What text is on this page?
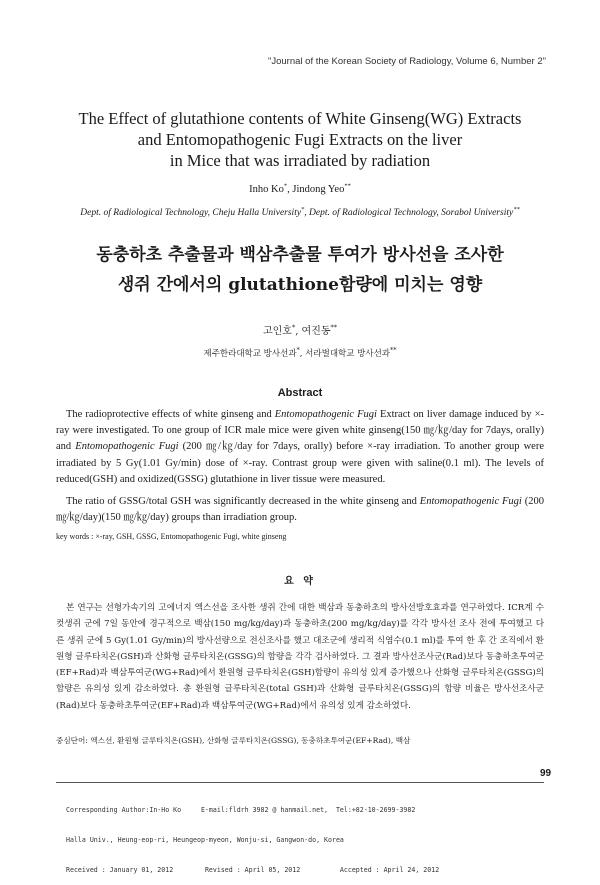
"Journal of the Korean Society of Radiology, Volume 6, Number 2"
The Effect of glutathione contents of White Ginseng(WG) Extracts
and Entomopathogenic Fugi Extracts on the liver
in Mice that was irradiated by radiation
Inho Ko*, Jindong Yeo**
Dept. of Radiological Technology, Cheju Halla University*, Dept. of Radiological Technology, Sorabol University**
동충하초 추출물과 백삼추출물 투여가 방사선을 조사한
생쥐 간에서의 glutathione함량에 미치는 영향
고인호*, 여진동**
제주한라대학교 방사선과*, 서라벌대학교 방사선과**
Abstract

The radioprotective effects of white ginseng and Entomopathogenic Fugi Extract on liver damage induced by ×-ray were investigated. To one group of ICR male mice were given white ginseng(150 ㎎/㎏/day for 7days, orally) and Entomopathogenic Fugi (200 ㎎/㎏/day for 7days, orally) before ×-ray irradiation. To another group were irradiated by 5 Gy(1.01 Gy/min) dose of ×-ray. Contrast group were given with saline(0.1 ml). The levels of reduced(GSH) and oxidized(GSSG) glutathione in liver tissue were measured.

The ratio of GSSG/total GSH was significantly decreased in the white ginseng and Entomopathogenic Fugi (200 ㎎/㎏/day)(150 ㎎/㎏/day) groups than irradiation group.

key words : ×-ray, GSH, GSSG, Entomopathogenic Fugi, white ginseng
요 약
본 연구는 선형가속기의 고에너지 엑스선을 조사한 생쥐 간에 대한 백삼과 동충하초의 방사선방호효과를 연구하였다. ICR계 수컷생쥐 군에 7일 동안에 경구적으로 백삼(150 mg/kg/day)과 동충하초(200 mg/kg/day)를 각각 방사선 조사 전에 투여했고 다른 생쥐 군에 5 Gy(1.01 Gy/min)의 방사선량으로 전신조사를 했고 대조군에 생리적 식염수(0.1 ml)를 투여 한 후 간 조직에서 환원형 글루타치온(GSH)과 산화형 글루타치온(GSSG)의 함량을 각각 검사하였다. 그 결과 방사선조사군(Rad)보다 동충하초투여군(EF+Rad)과 백삼투여군(WG+Rad)에서 환원형 글루타치온(GSH)함량이 유의성 있게 증가했으나 산화형 글루타치온(GSSG)의 함량은 유의성 있게 감소하였다. 총 환원형 글루타치온(total GSH)과 산화형 글루타치온(GSSG)의 함량 비율은 방사선조사군(Rad)보다 동충하초투여군(EF+Rad)과 백삼투여군(WG+Rad)에서 유의성 있게 감소하였다.
중심단어: 엑스선, 환원형 글루타치온(GSH), 산화형 글루타치온(GSSG), 동충하초투여군(EF+Rad), 백삼
99

Corresponding Author:In-Ho Ko     E-mail:fldrh 3982 @ hanmail.net,  Tel:+82-10-2699-3982

Halla Univ., Heung-eop-ri, Heungeop-myeon, Wonju-si, Gangwon-do, Korea

Received : January 01, 2012        Revised : April 05, 2012          Accepted : April 24, 2012
